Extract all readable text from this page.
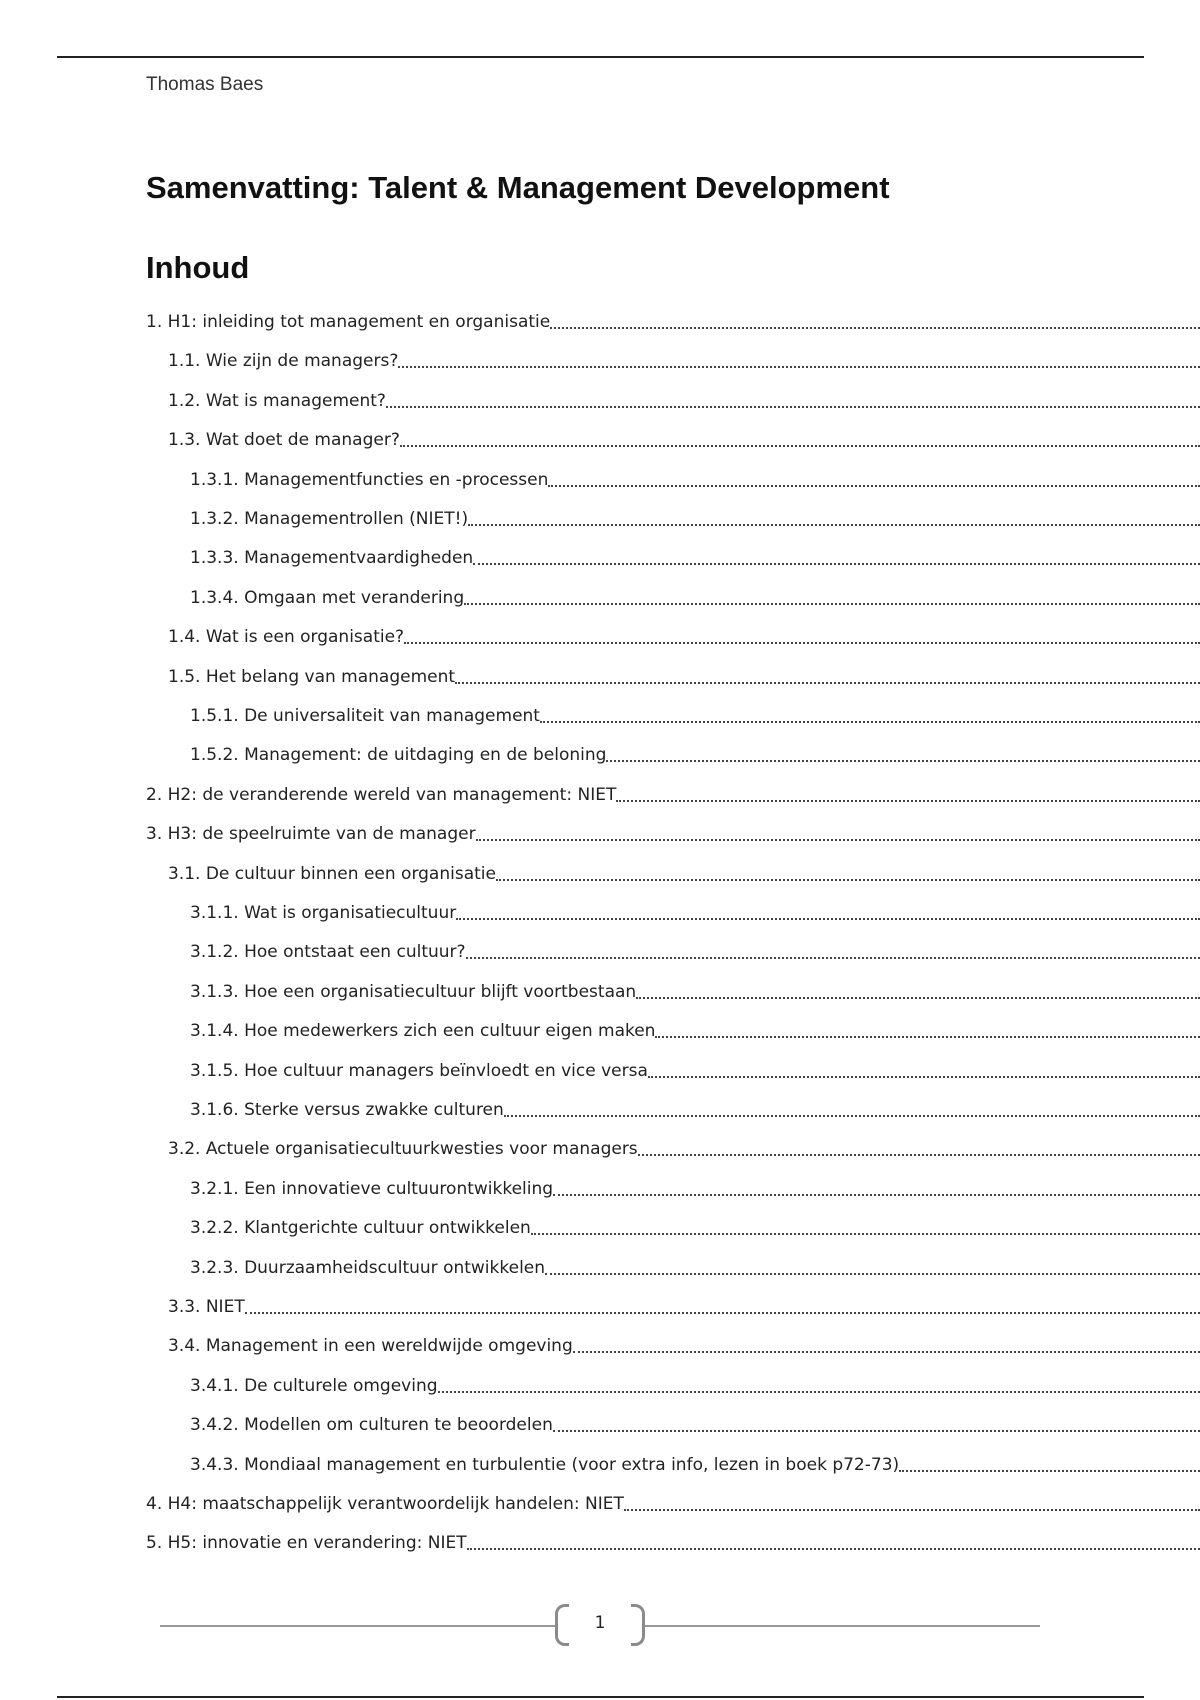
Thomas Baes
Samenvatting: Talent & Management Development
Inhoud
1. H1: inleiding tot management en organisatie
1.1. Wie zijn de managers?
1.2. Wat is management?
1.3. Wat doet de manager?
1.3.1. Managementfuncties en -processen
1.3.2. Managementrollen (NIET!)
1.3.3. Managementvaardigheden
1.3.4. Omgaan met verandering
1.4. Wat is een organisatie?
1.5. Het belang van management
1.5.1. De universaliteit van management
1.5.2. Management: de uitdaging en de beloning
2. H2: de veranderende wereld van management: NIET
3. H3: de speelruimte van de manager
3.1. De cultuur binnen een organisatie
3.1.1. Wat is organisatiecultuur
3.1.2. Hoe ontstaat een cultuur?
3.1.3. Hoe een organisatiecultuur blijft voortbestaan
3.1.4. Hoe medewerkers zich een cultuur eigen maken
3.1.5. Hoe cultuur managers beïnvloedt en vice versa
3.1.6. Sterke versus zwakke culturen
3.2. Actuele organisatiecultuurkwesties voor managers
3.2.1. Een innovatieve cultuurontwikkeling
3.2.2. Klantgerichte cultuur ontwikkelen
3.2.3. Duurzaamheidscultuur ontwikkelen
3.3. NIET
3.4. Management in een wereldwijde omgeving
3.4.1. De culturele omgeving
3.4.2. Modellen om culturen te beoordelen
3.4.3. Mondiaal management en turbulentie (voor extra info, lezen in boek p72-73)
4. H4: maatschappelijk verantwoordelijk handelen: NIET
5. H5: innovatie en verandering: NIET
1
